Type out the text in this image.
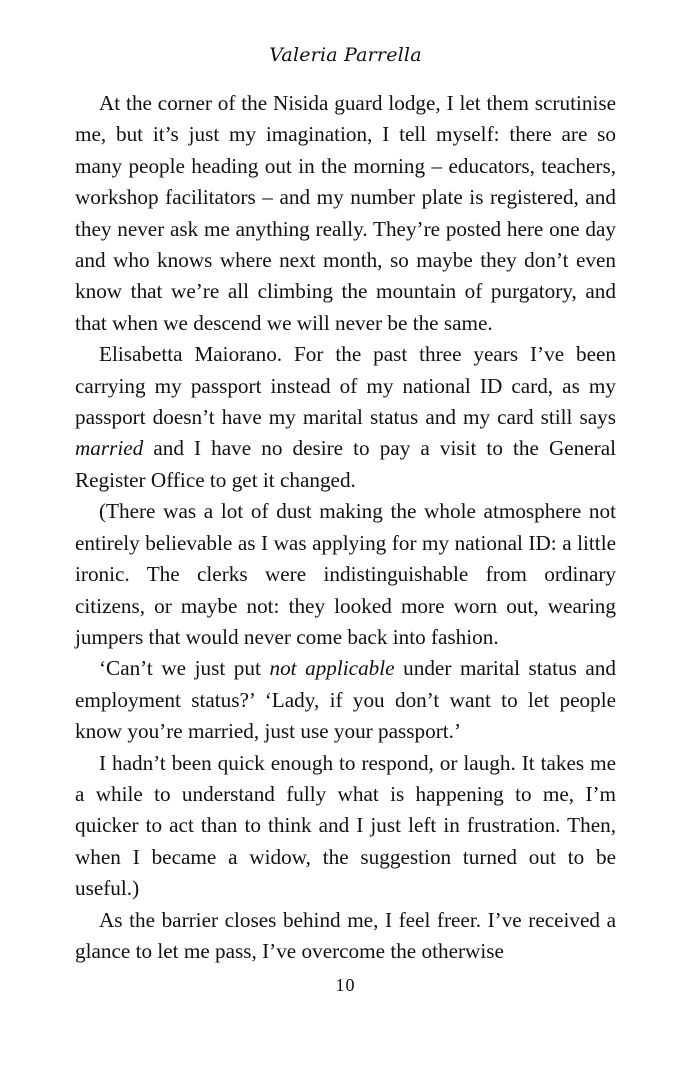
Valeria Parrella

At the corner of the Nisida guard lodge, I let them scrutinise me, but it’s just my imagination, I tell myself: there are so many people heading out in the morning – educators, teachers, workshop facilitators – and my number plate is registered, and they never ask me anything really. They’re posted here one day and who knows where next month, so maybe they don’t even know that we’re all climbing the mountain of purgatory, and that when we descend we will never be the same.

Elisabetta Maiorano. For the past three years I’ve been carrying my passport instead of my national ID card, as my passport doesn’t have my marital status and my card still says married and I have no desire to pay a visit to the General Register Office to get it changed.

(There was a lot of dust making the whole atmosphere not entirely believable as I was applying for my national ID: a little ironic. The clerks were indistinguishable from ordinary citizens, or maybe not: they looked more worn out, wearing jumpers that would never come back into fashion.

‘Can’t we just put not applicable under marital status and employment status?’ ‘Lady, if you don’t want to let people know you’re married, just use your passport.’

I hadn’t been quick enough to respond, or laugh. It takes me a while to understand fully what is happening to me, I’m quicker to act than to think and I just left in frustration. Then, when I became a widow, the suggestion turned out to be useful.)

As the barrier closes behind me, I feel freer. I’ve received a glance to let me pass, I’ve overcome the otherwise

10
